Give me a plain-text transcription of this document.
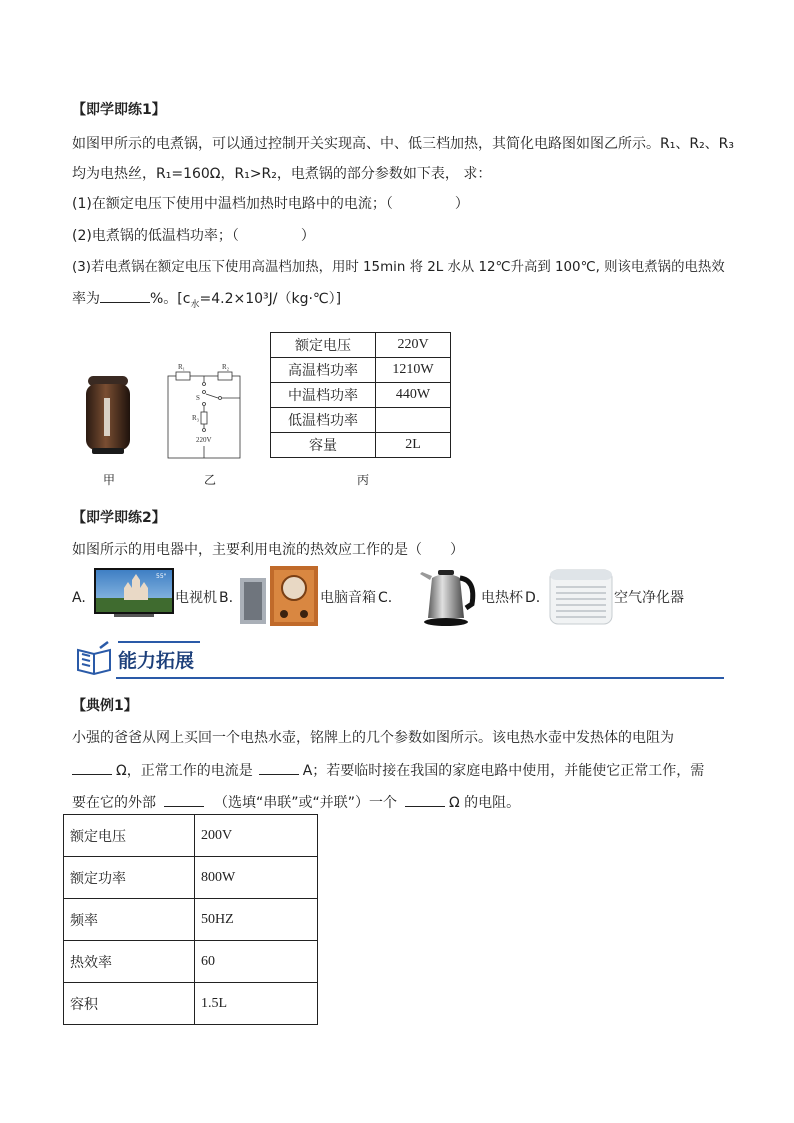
【即学即练1】
如图甲所示的电煮锅，可以通过控制开关实现高、中、低三档加热，其简化电路图如图乙所示。R₁、R₂、R₃
均为电热丝，R₁=160Ω，R₁>R₂，电煮锅的部分参数如下表， 求：
(1)在额定电压下使用中温档加热时电路中的电流；（	）
(2)电煮锅的低温档功率；（	）
(3)若电煮锅在额定电压下使用高温档加热，用时 15min 将 2L 水从 12℃升高到 100℃, 则该电煮锅的电热效
率为	%。$[c_水=4.2\times 10^3J/(kg\cdot℃)]$
甲
R₁	R₂
S
R₃
220V
乙
额定电压	220V
高温档功率	1210W
中温档功率	440W
低温档功率	
容量	2L
丙
【即学即练2】
如图所示的用电器中，主要利用电流的热效应工作的是（　　）
A.
55"
电视机 B.	电脑音箱 C.	电热杯 D.	空气净化器
能力拓展
【典例1】
小强的爸爸从网上买回一个电热水壶，铭牌上的几个参数如图所示。该电热水壶中发热体的电阻为
Ω，正常工作的电流是	A；若要临时接在我国的家庭电路中使用，并能使它正常工作，需
要在它的外部	（选填“串联”或“并联”）一个	Ω 的电阻。
额定电压	200V
额定功率	800W
频率	50HZ
热效率	60
容积	1.5L
